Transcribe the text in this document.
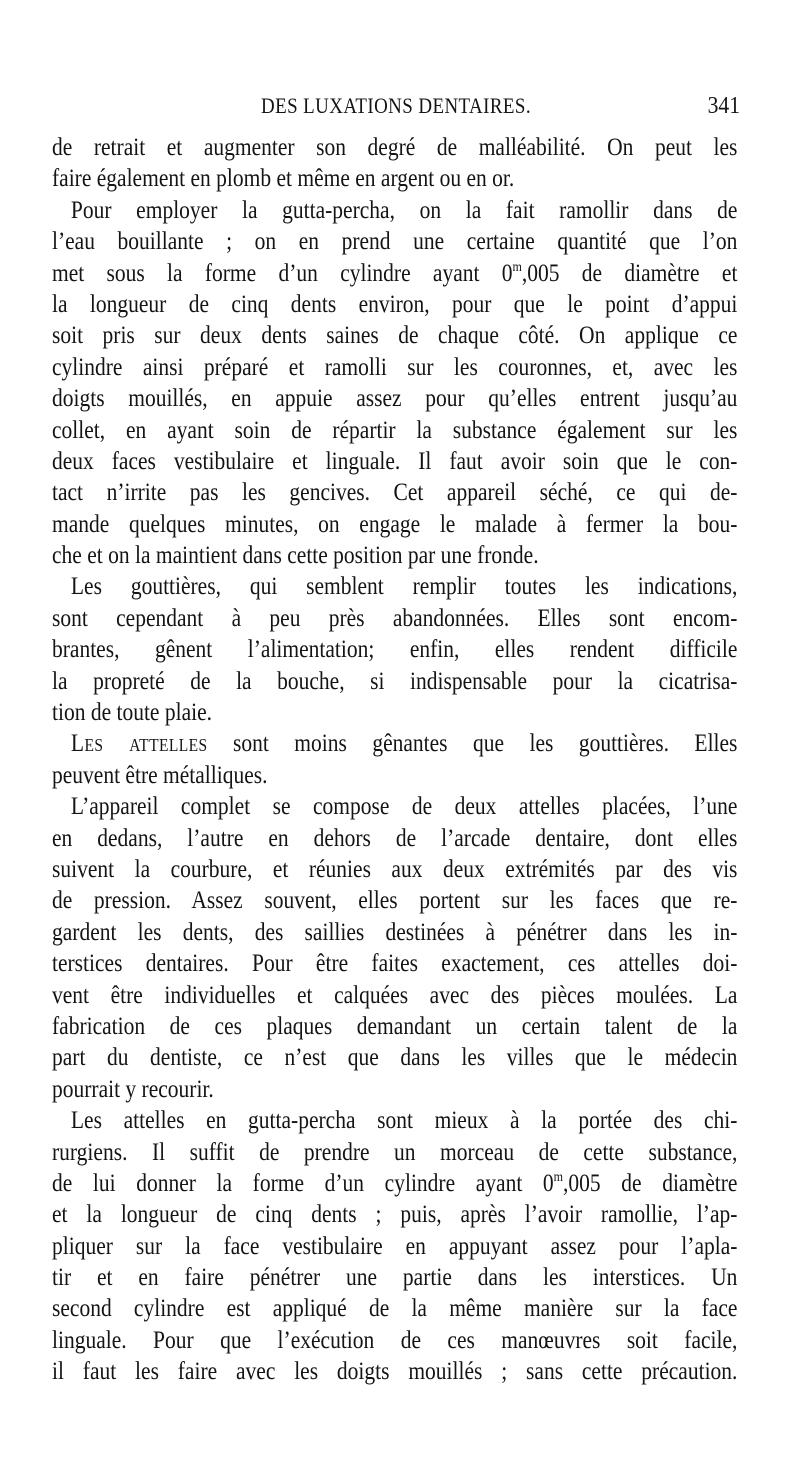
DES LUXATIONS DENTAIRES.	341
de retrait et augmenter son degré de malléabilité. On peut les
faire également en plomb et même en argent ou en or.
Pour employer la gutta-percha, on la fait ramollir dans de
l’eau bouillante ; on en prend une certaine quantité que l’on
met sous la forme d’un cylindre ayant 0$^m$,005 de diamètre et
la longueur de cinq dents environ, pour que le point d’appui
soit pris sur deux dents saines de chaque côté. On applique ce
cylindre ainsi préparé et ramolli sur les couronnes, et, avec les
doigts mouillés, en appuie assez pour qu’elles entrent jusqu’au
collet, en ayant soin de répartir la substance également sur les
deux faces vestibulaire et linguale. Il faut avoir soin que le con-
tact n’irrite pas les gencives. Cet appareil séché, ce qui de-
mande quelques minutes, on engage le malade à fermer la bou-
che et on la maintient dans cette position par une fronde.
Les gouttières, qui semblent remplir toutes les indications,
sont cependant à peu près abandonnées. Elles sont encom-
brantes, gênent l’alimentation; enfin, elles rendent difficile
la propreté de la bouche, si indispensable pour la cicatrisa-
tion de toute plaie.
Les attelles sont moins gênantes que les gouttières. Elles
peuvent être métalliques.
L’appareil complet se compose de deux attelles placées, l’une
en dedans, l’autre en dehors de l’arcade dentaire, dont elles
suivent la courbure, et réunies aux deux extrémités par des vis
de pression. Assez souvent, elles portent sur les faces que re-
gardent les dents, des saillies destinées à pénétrer dans les in-
terstices dentaires. Pour être faites exactement, ces attelles doi-
vent être individuelles et calquées avec des pièces moulées. La
fabrication de ces plaques demandant un certain talent de la
part du dentiste, ce n’est que dans les villes que le médecin
pourrait y recourir.
Les attelles en gutta-percha sont mieux à la portée des chi-
rurgiens. Il suffit de prendre un morceau de cette substance,
de lui donner la forme d’un cylindre ayant 0$^m$,005 de diamètre
et la longueur de cinq dents ; puis, après l’avoir ramollie, l’ap-
pliquer sur la face vestibulaire en appuyant assez pour l’apla-
tir et en faire pénétrer une partie dans les interstices. Un
second cylindre est appliqué de la même manière sur la face
linguale. Pour que l’exécution de ces manœuvres soit facile,
il faut les faire avec les doigts mouillés ; sans cette précaution.
